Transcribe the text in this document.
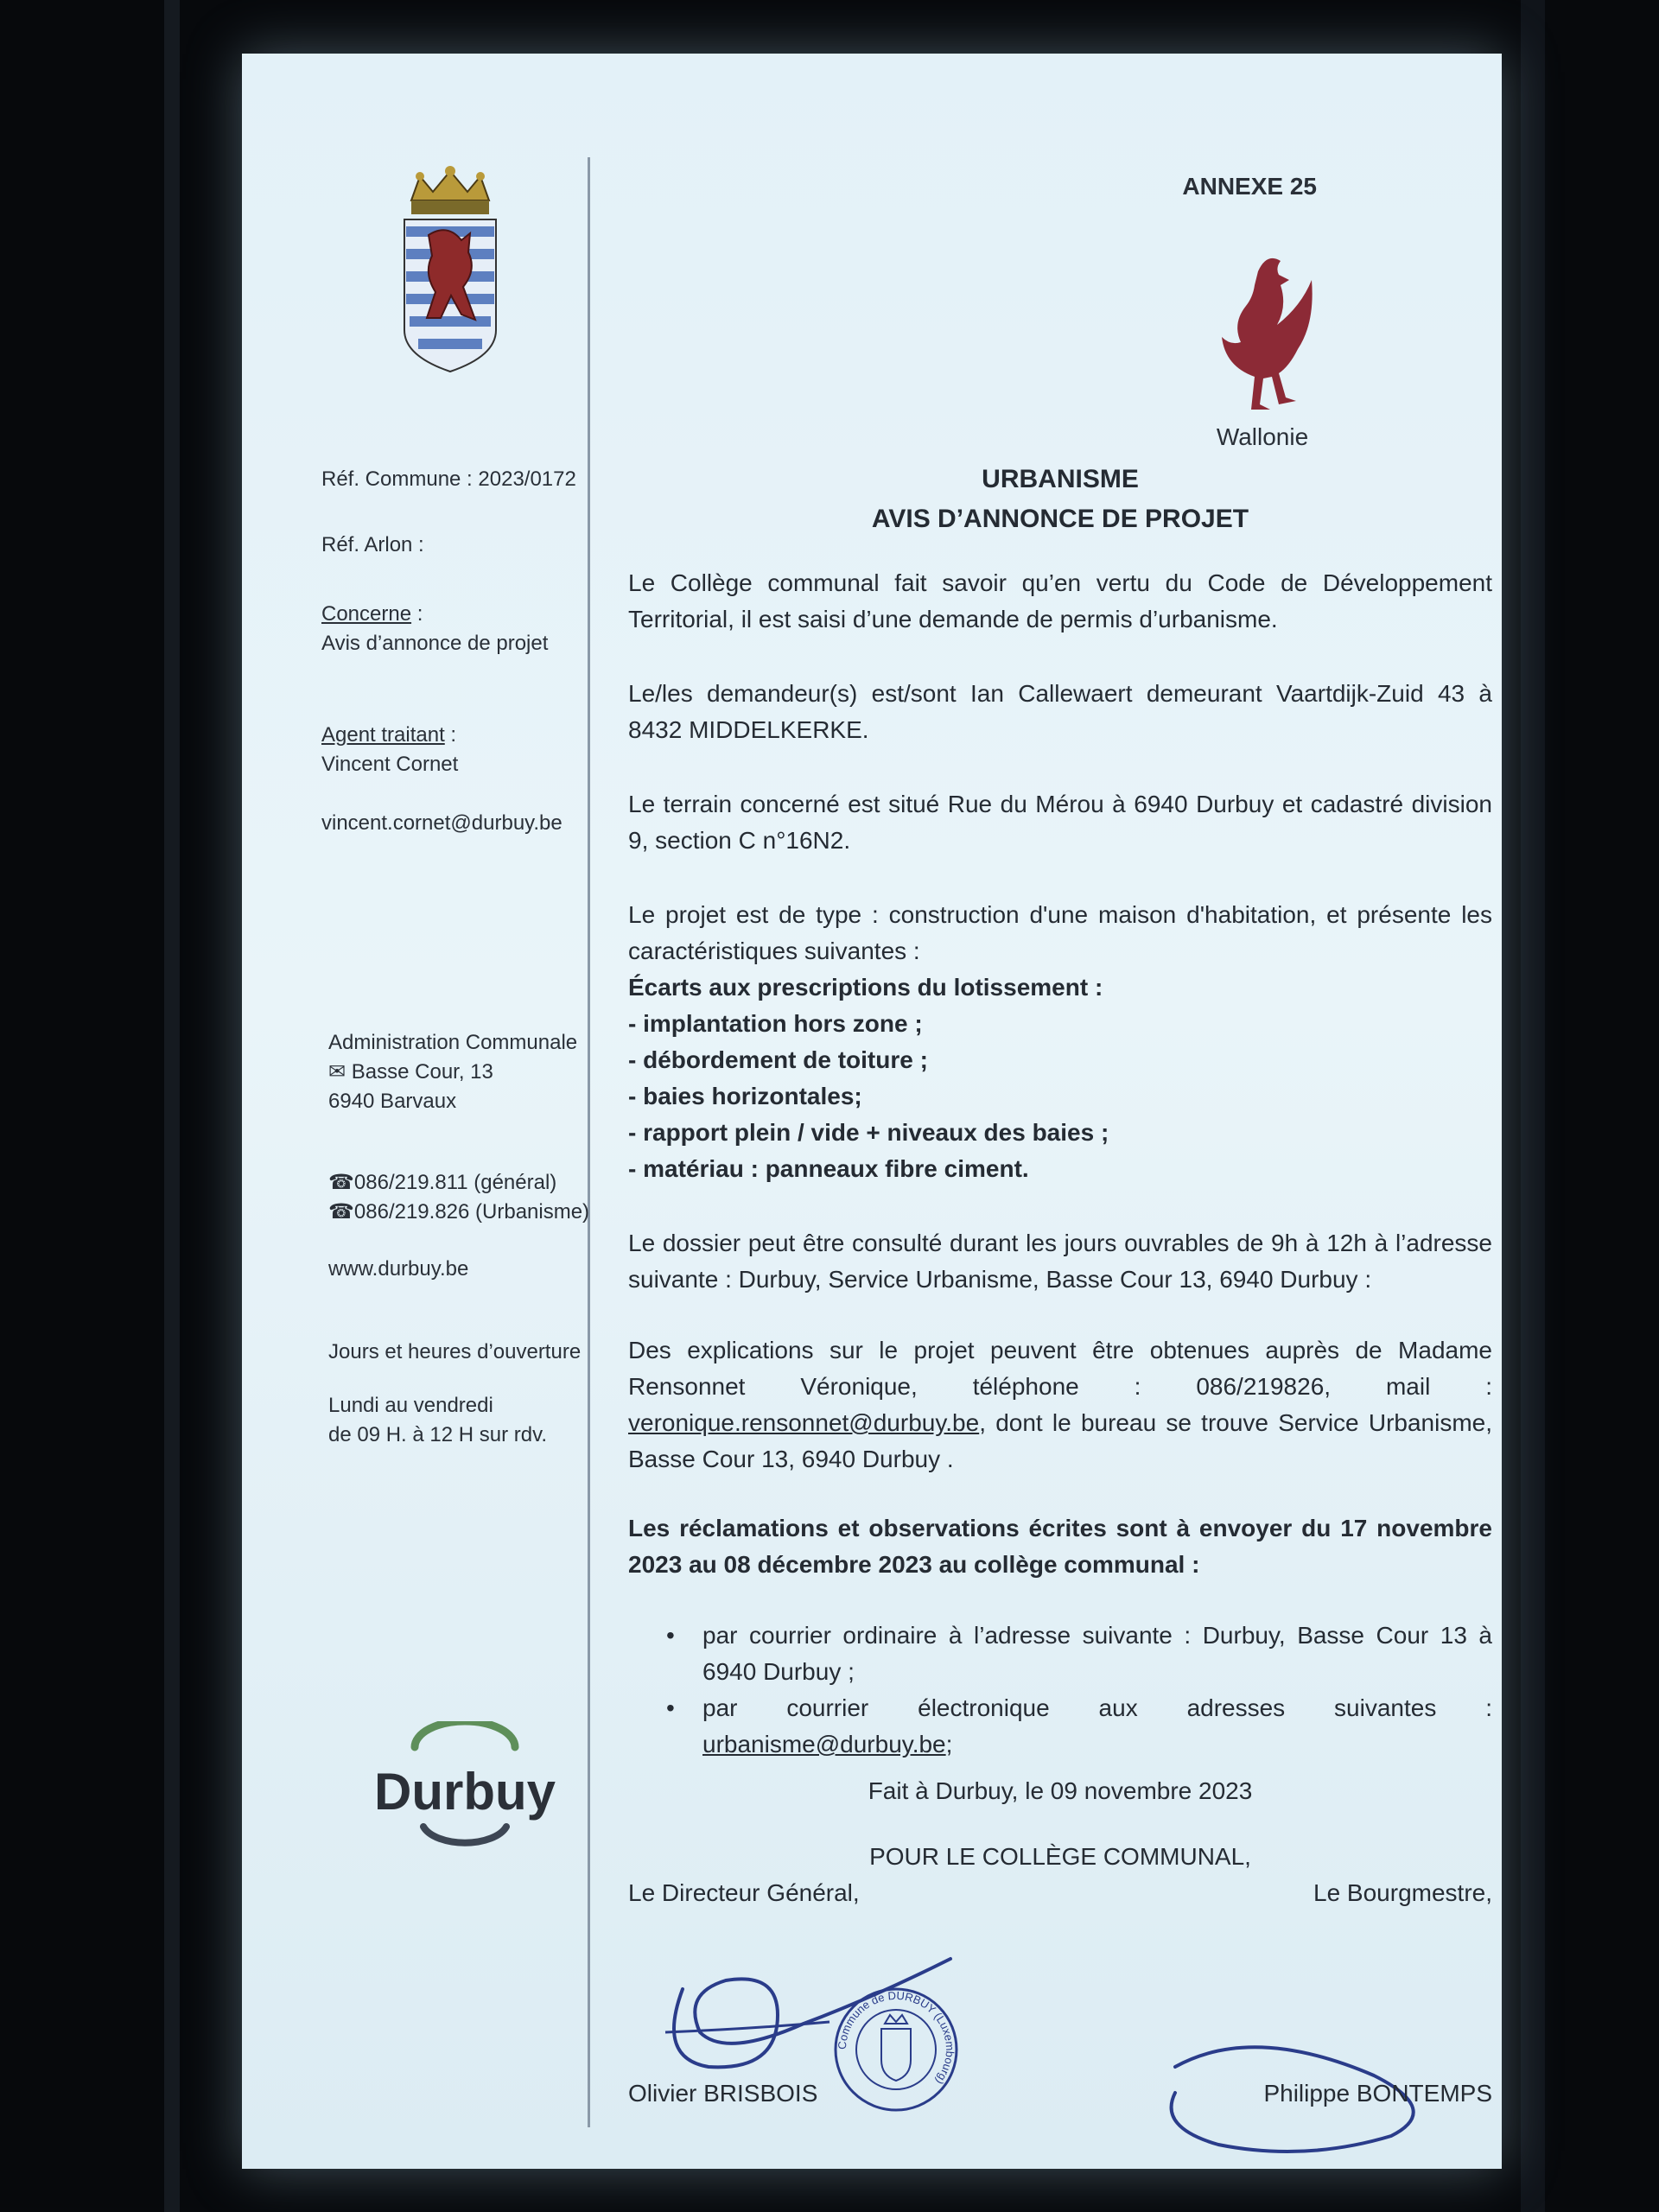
Réf. Commune : 2023/0172
Réf. Arlon :
Concerne :
Avis d’annonce de projet
Agent traitant :
Vincent Cornet
vincent.cornet@durbuy.be
Administration Communale
✉ Basse Cour, 13
6940 Barvaux
☎086/219.811 (général)
☎086/219.826 (Urbanisme)
www.durbuy.be
Jours et heures d’ouverture
Lundi au vendredi
de 09 H. à 12 H sur rdv.
Durbuy
ANNEXE 25
Wallonie
URBANISME
AVIS D’ANNONCE DE PROJET
Le Collège communal fait savoir qu’en vertu du Code de Développement Territorial, il est saisi d’une demande de permis d’urbanisme.
Le/les demandeur(s) est/sont Ian Callewaert demeurant Vaartdijk-Zuid 43 à 8432 MIDDELKERKE.
Le terrain concerné est situé Rue du Mérou à 6940 Durbuy et cadastré division 9, section C n°16N2.
Le projet est de type : construction d'une maison d'habitation, et présente les caractéristiques suivantes :
Écarts aux prescriptions du lotissement :
- implantation hors zone ;
- débordement de toiture ;
- baies horizontales;
- rapport plein / vide + niveaux des baies ;
- matériau : panneaux fibre ciment.
Le dossier peut être consulté durant les jours ouvrables de 9h à 12h à l’adresse suivante : Durbuy, Service Urbanisme, Basse Cour 13, 6940 Durbuy :
Des explications sur le projet peuvent être obtenues auprès de Madame Rensonnet Véronique, téléphone : 086/219826, mail : veronique.rensonnet@durbuy.be, dont le bureau se trouve Service Urbanisme, Basse Cour 13, 6940 Durbuy .
Les réclamations et observations écrites sont à envoyer du 17 novembre 2023 au 08 décembre 2023 au collège communal :
• par courrier ordinaire à l’adresse suivante : Durbuy, Basse Cour 13 à 6940 Durbuy ;
• par courrier électronique aux adresses suivantes : urbanisme@durbuy.be;
Fait à Durbuy, le 09 novembre 2023
POUR LE COLLÈGE COMMUNAL,
Le Directeur Général,	Le Bourgmestre,
Commune de DURBUY (Luxembourg)
Olivier BRISBOIS	Philippe BONTEMPS
